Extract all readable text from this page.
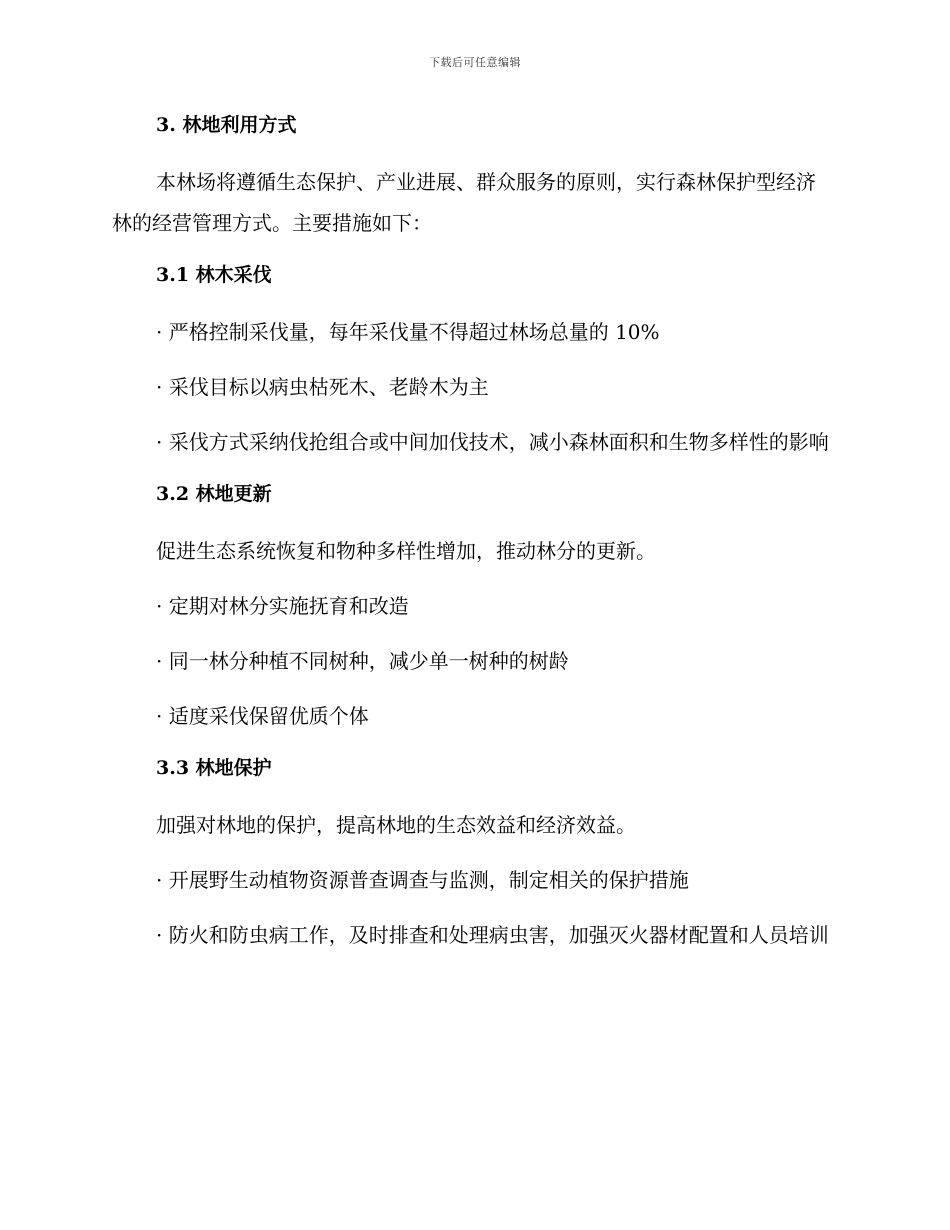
下载后可任意编辑
3. 林地利用方式

本林场将遵循生态保护、产业进展、群众服务的原则，实行森林保护型经济林的经营管理方式。主要措施如下：

3.1 林木采伐

· 严格控制采伐量，每年采伐量不得超过林场总量的 10%

· 采伐目标以病虫枯死木、老龄木为主

· 采伐方式采纳伐抢组合或中间加伐技术，减小森林面积和生物多样性的影响

3.2 林地更新

促进生态系统恢复和物种多样性增加，推动林分的更新。

· 定期对林分实施抚育和改造

· 同一林分种植不同树种，减少单一树种的树龄

· 适度采伐保留优质个体

3.3 林地保护

加强对林地的保护，提高林地的生态效益和经济效益。

· 开展野生动植物资源普查调查与监测，制定相关的保护措施

· 防火和防虫病工作，及时排查和处理病虫害，加强灭火器材配置和人员培训
